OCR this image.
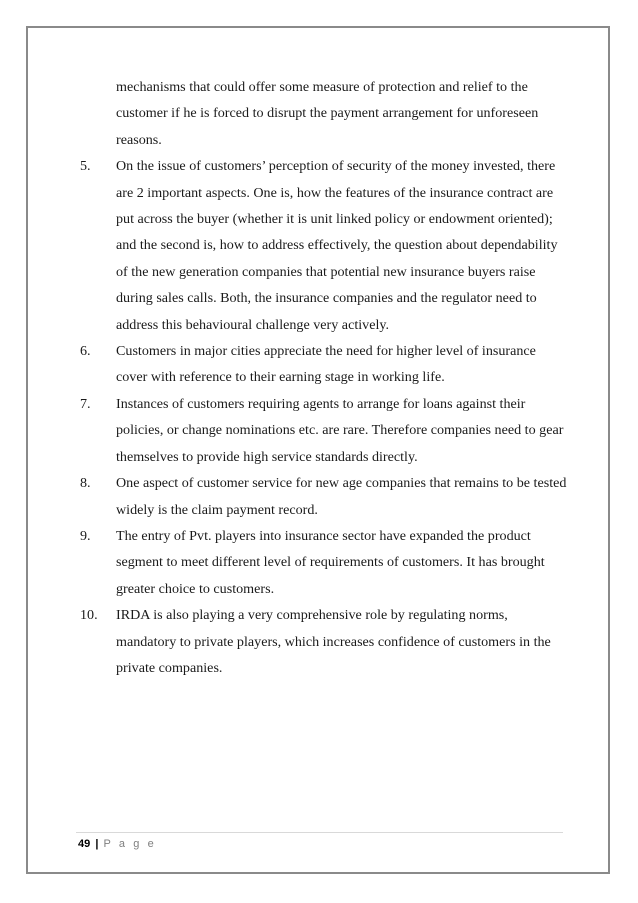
mechanisms that could offer some measure of protection and relief to the customer if he is forced to disrupt the payment arrangement for unforeseen reasons.
5. On the issue of customers’ perception of security of the money invested, there are 2 important aspects. One is, how the features of the insurance contract are put across the buyer (whether it is unit linked policy or endowment oriented); and the second is, how to address effectively, the question about dependability of the new generation companies that potential new insurance buyers raise during sales calls. Both, the insurance companies and the regulator need to address this behavioural challenge very actively.
6. Customers in major cities appreciate the need for higher level of insurance cover with reference to their earning stage in working life.
7. Instances of customers requiring agents to arrange for loans against their policies, or change nominations etc. are rare. Therefore companies need to gear themselves to provide high service standards directly.
8. One aspect of customer service for new age companies that remains to be tested widely is the claim payment record.
9. The entry of Pvt. players into insurance sector have expanded the product segment to meet different level of requirements of customers. It has brought greater choice to customers.
10. IRDA is also playing a very comprehensive role by regulating norms, mandatory to private players, which increases confidence of customers in the private companies.
49 | P a g e
